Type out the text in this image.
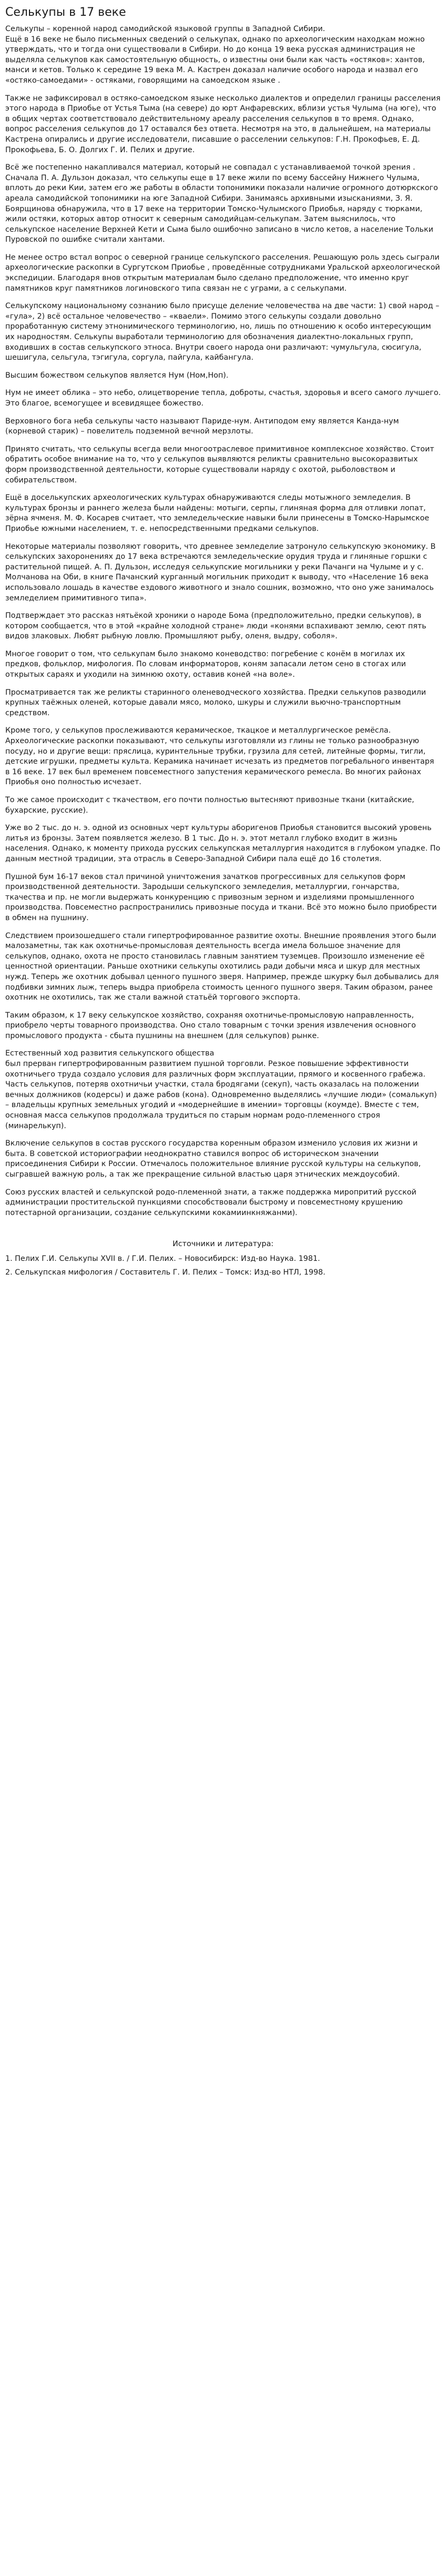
Селькупы в 17 веке

Селькупы – коренной народ самодийской языковой группы в Западной Сибири.
Ещё в 16 веке не было письменных сведений о селькупах, однако по археологическим находкам можно утверждать, что и тогда они существовали в Сибири. Но до конца 19 века русская администрация не выделяла селькупов как самостоятельную общность, о известны они были как часть «остяков»: хантов, манси и кетов. Только к середине 19 века М. А. Кастрен доказал наличие особого народа и назвал его «остяко-самоедами» - остяками, говорящими на самоедском языке .

Также не зафиксировал в остяко-самоедском языке несколько диалектов и определил границы расселения этого народа в Приобье от Устья Тыма (на севере) до юрт Анфаревских, вблизи устья Чулыма (на юге), что в общих чертах соответствовало действительному ареалу расселения селькупов в то время. Однако, вопрос расселения селькупов до 17 оставался без ответа. Несмотря на это, в дальнейшем, на материалы Кастрена опирались и другие исследователи, писавшие о расселении селькупов: Г.Н. Прокофьев, Е. Д. Прокофьева, Б. О. Долгих Г. И. Пелих и другие.

Всё же постепенно накапливался материал, который не совпадал с устанавливаемой точкой зрения . Сначала П. А. Дульзон доказал, что селькупы еще в 17 веке жили по всему бассейну Нижнего Чулыма, вплоть до реки Кии, затем его же работы в области топонимики показали наличие огромного дотюркского ареала самодийской топонимики на юге Западной Сибири. Занимаясь архивными изысканиями, З. Я. Боярщинова обнаружила, что в 17 веке на территории Томско-Чулымского Приобья, наряду с тюрками, жили остяки, которых автор относит к северным самодийцам-селькупам. Затем выяснилось, что селькупское население Верхней Кети и Сыма было ошибочно записано в число кетов, а население Тольки Пуровской по ошибке считали хантами.

Не менее остро встал вопрос о северной границе селькупского расселения. Решающую роль здесь сыграли археологические раскопки в Сургутском Приобье , проведённые сотрудниками Уральской археологической экспедиции. Благодаря внов открытым материалам было сделано предположение, что именно круг памятников круг памятников логиновского типа связан не с уграми, а с селькупами.

Селькупскому национальному сознанию было присуще деление человечества на две части: 1) свой народ – «гула», 2) всё остальное человечество – «кваели». Помимо этого селькупы создали довольно проработанную систему этнонимического терминологию, но, лишь по отношению к особо интересующим их народностям. Селькупы выработали терминологию для обозначения диалектно-локальных групп, входивших в состав селькупского этноса. Внутри своего народа они различают: чумульгула, сюсигула, шешигула, сельгула, тэгигула, соргула, пайгула, кайбангула.

Высшим божеством селькупов является Нум (Ном,Ноп).

Нум не имеет облика – это небо, олицетворение тепла, доброты, счастья, здоровья и всего самого лучшего. Это благое, всемогущее и всевидящее божество.

Верховного бога неба селькупы часто называют Париде-нум. Антиподом ему является Канда-нум (корневой старик) – повелитель подземной вечной мерзлоты.

Принято считать, что селькупы всегда вели многоотраслевое примитивное комплексное хозяйство. Стоит обратить особое внимание на то, что у селькупов выявляются реликты сравнительно высокоразвитых форм производственной деятельности, которые существовали наряду с охотой, рыболовством и собирательством.

Ещё в доселькупских археологических культурах обнаруживаются следы мотыжного земледелия. В культурах бронзы и раннего железа были найдены: мотыги, серпы, глиняная форма для отливки лопат, зёрна ячменя. М. Ф. Косарев считает, что земледельческие навыки были принесены в Томско-Нарымское Приобье южными населением, т. е. непосредственными предками селькупов.

Некоторые материалы позволяют говорить, что древнее земледелие затронуло селькупскую экономику. В селькупских захоронениях до 17 века встречаются земледельческие орудия труда и глиняные горшки с растительной пищей. А. П. Дульзон, исследуя селькупские могильники у реки Пачанги на Чулыме и у с. Молчанова на Оби, в книге Пачанский курганный могильник приходит к выводу, что «Население 16 века использовало лошадь в качестве ездового животного и знало сошник, возможно, что оно уже занималось земледелием примитивного типа».

Подтверждает это рассказ нятьёкой хроники о народе Бома (предположительно, предки селькупов), в котором сообщается, что в этой «крайне холодной стране» люди «конями вспахивают землю, сеют пять видов злаковых. Любят рыбную ловлю. Промышляют рыбу, оленя, выдру, соболя».

Многое говорит о том, что селькупам было знакомо коневодство: погребение с конём в могилах их предков, фольклор, мифология. По словам информаторов, коням запасали летом сено в стогах или открытых сараях и уходили на зимнюю охоту, оставив коней «на воле».

Просматривается так же реликты старинного оленеводческого хозяйства. Предки селькупов разводили крупных таёжных оленей, которые давали мясо, молоко, шкуры и служили вьючно-транспортным средством.

Кроме того, у селькупов прослеживаются керамическое, ткацкое и металлургическое ремёсла. Археологические раскопки показывают, что селькупы изготовляли из глины не только разнообразную посуду, но и другие вещи: пряслица, куринтельные трубки, грузила для сетей, литейные формы, тигли, детские игрушки, предметы культа. Керамика начинает исчезать из предметов погребального инвентаря в 16 веке. 17 век был временем повсеместного запустения керамического ремесла. Во многих районах Приобья оно полностью исчезает.

То же самое происходит с ткачеством, его почти полностью вытесняют привозные ткани (китайские, бухарские, русские).

Уже во 2 тыс. до н. э. одной из основных черт культуры аборигенов Приобья становится высокий уровень литья из бронзы. Затем появляется железо. В 1 тыс. До н. э. этот металл глубоко входит в жизнь населения. Однако, к моменту прихода русских селькупская металлургия находится в глубоком упадке. По данным местной традиции, эта отрасль в Северо-Западной Сибири пала ещё до 16 столетия.

Пушной бум 16-17 веков стал причиной уничтожения зачатков прогрессивных для селькупов форм производственной деятельности. Зародыши селькупского земледелия, металлургии, гончарства, ткачества и пр. не могли выдержать конкуренцию с привозным зерном и изделиями промышленного производства. Повсеместно распространились привозные посуда и ткани. Всё это можно было приобрести в обмен на пушнину.

Следствием произошедшего стали гипертрофированное развитие охоты. Внешние проявления этого были малозаметны, так как охотничье-промысловая деятельность всегда имела большое значение для селькупов, однако, охота не просто становилась главным занятием туземцев. Произошло изменение её ценностной ориентации. Раньше охотники селькупы охотились ради добычи мяса и шкур для местных нужд. Теперь же охотник добывал ценного пушного зверя. Например, прежде шкурку был добывались для подбивки зимних лыж, теперь выдра приобрела стоимость ценного пушного зверя. Таким образом, ранее охотник не охотились, так же стали важной статьёй торгового экспорта.

Таким образом, к 17 веку селькупское хозяйство, сохраняя охотничье-промысловую направленность, приобрело черты товарного производства. Оно стало товарным с точки зрения извлечения основного промыслового продукта - сбыта пушнины на внешнем (для селькупов) рынке.

Естественный ход развития селькупского общества
был прерван гипертрофированным развитием пушной торговли. Резкое повышение эффективности охотничьего труда создало условия для различных форм эксплуатации, прямого и косвенного грабежа.
Часть селькупов, потеряв охотничьи участки, стала бродягами (секуп), часть оказалась на положении вечных должников (кодерсы) и даже рабов (кона). Одновременно выделялись «лучшие люди» (сомалькуп) – владельцы крупных земельных угодий и «модернейшие в имении» торговцы (коумде). Вместе с тем, основная масса селькупов продолжала трудиться по старым нормам родо-племенного строя (минарелькуп).

Включение селькупов в состав русского государства коренным образом изменило условия их жизни и быта. В советской историографии неоднократно ставился вопрос об историческом значении присоединения Сибири к России. Отмечалось положительное влияние русской культуры на селькупов, сыгравшей важную роль, а так же прекращение сильной властью царя этнических междоусобий.

Союз русских властей и селькупской родо-племенной знати, а также поддержка миропритий русской администрации простительской пункциями способствовали быстрому и повсеместному крушению потестарной организации, создание селькупскими кокамиинкняжанми).

Источники и литература:

1. Пелих Г.И. Селькупы XVII в. / Г.И. Пелих. – Новосибирск: Изд-во Наука. 1981.

2. Селькупская мифология / Составитель Г. И. Пелих – Томск: Изд-во НТЛ, 1998.
